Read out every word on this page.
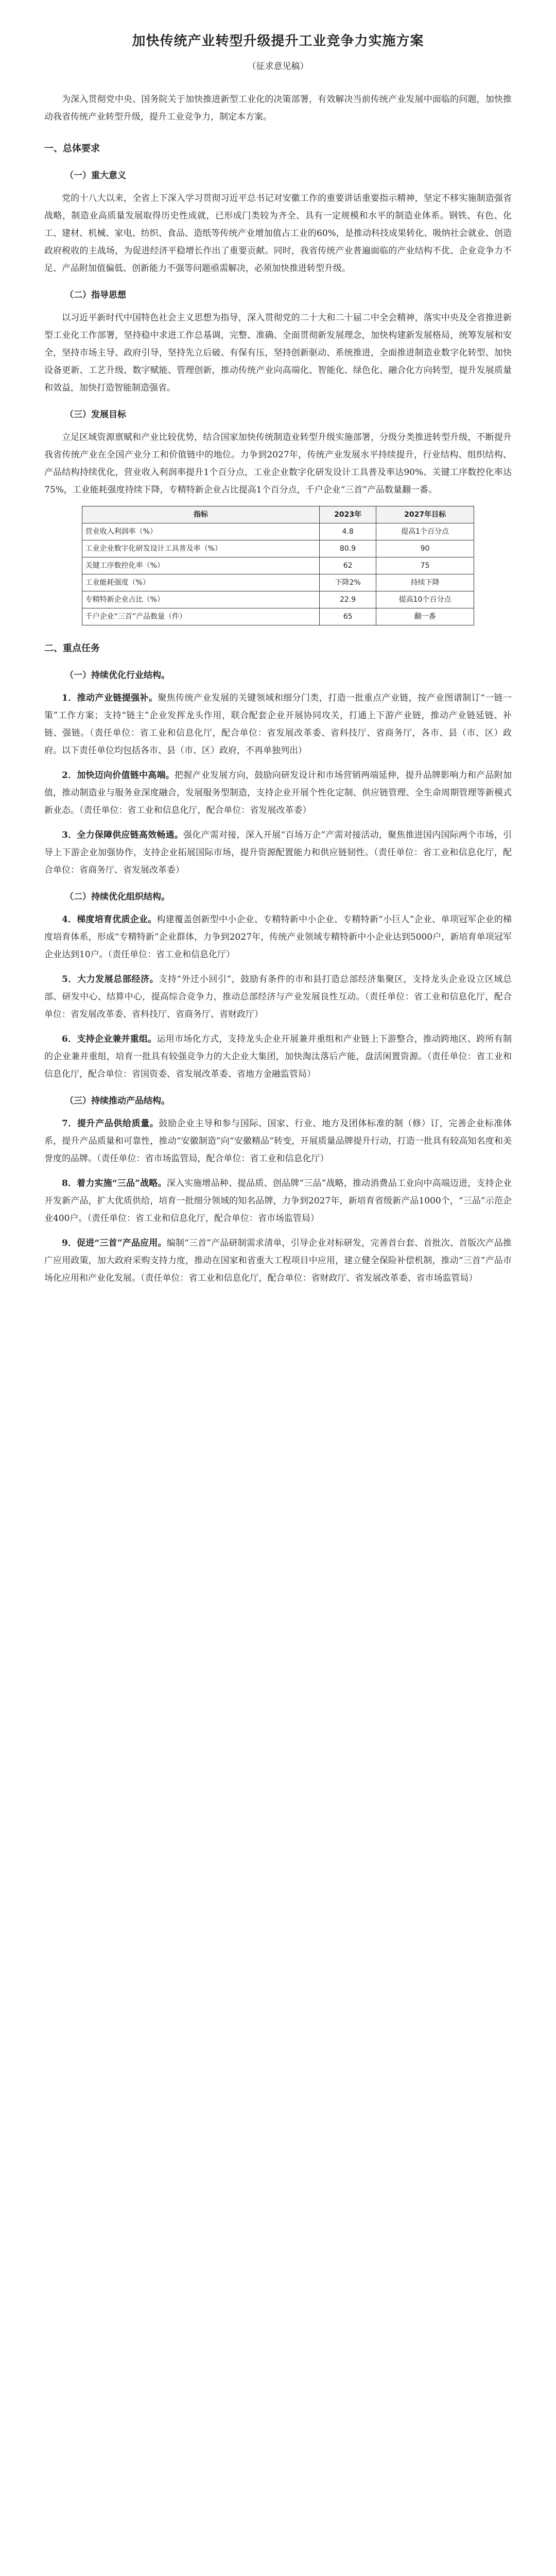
加快传统产业转型升级提升工业竞争力实施方案
（征求意见稿）

为深入贯彻党中央、国务院关于加快推进新型工业化的决策部署，有效解决当前传统产业发展中面临的问题，加快推动我省传统产业转型升级，提升工业竞争力，制定本方案。

一、总体要求
（一）重大意义

党的十八大以来，全省上下深入学习贯彻习近平总书记对安徽工作的重要讲话重要指示精神，坚定不移实施制造强省战略，制造业高质量发展取得历史性成就，已形成门类较为齐全、具有一定规模和水平的制造业体系。钢铁、有色、化工、建材、机械、家电、纺织、食品、造纸等传统产业增加值占工业的60%，是推动科技成果转化、吸纳社会就业、创造政府税收的主战场，为促进经济平稳增长作出了重要贡献。同时，我省传统产业普遍面临的产业结构不优、企业竞争力不足、产品附加值偏低、创新能力不强等问题亟需解决，必须加快推进转型升级。

（二）指导思想

以习近平新时代中国特色社会主义思想为指导，深入贯彻党的二十大和二十届二中全会精神，落实中央及全省推进新型工业化工作部署，坚持稳中求进工作总基调，完整、准确、全面贯彻新发展理念，加快构建新发展格局，统筹发展和安全，坚持市场主导、政府引导，坚持先立后破、有保有压，坚持创新驱动、系统推进，全面推进制造业数字化转型、加快设备更新、工艺升级、数字赋能、管理创新，推动传统产业向高端化、智能化、绿色化、融合化方向转型，提升发展质量和效益，加快打造智能制造强省。

（三）发展目标

立足区域资源禀赋和产业比较优势，结合国家加快传统制造业转型升级实施部署，分级分类推进转型升级，不断提升我省传统产业在全国产业分工和价值链中的地位。力争到2027年，传统产业发展水平持续提升，行业结构、组织结构、产品结构持续优化，营业收入利润率提升1个百分点，工业企业数字化研发设计工具普及率达90%、关键工序数控化率达75%，工业能耗强度持续下降，专精特新企业占比提高1个百分点，千户企业“三首”产品数量翻一番。

指标	2023年	2027年目标
营业收入利润率（%）	4.8	提高1个百分点
工业企业数字化研发设计工具普及率（%）	80.9	90
关键工序数控化率（%）	62	75
工业能耗强度（%）	下降2%	持续下降
专精特新企业占比（%）	22.9	提高10个百分点
千户企业“三首”产品数量（件）	65	翻一番
二、重点任务
（一）持续优化行业结构。

1．推动产业链提强补。聚焦传统产业发展的关键领域和细分门类，打造一批重点产业链，按产业图谱制订“一链一策”工作方案；支持“链主”企业发挥龙头作用，联合配套企业开展协同攻关，打通上下游产业链，推动产业链延链、补链、强链。（责任单位：省工业和信息化厅，配合单位：省发展改革委、省科技厅、省商务厅，各市、县（市、区）政府。以下责任单位均包括各市、县（市、区）政府，不再单独列出）

2．加快迈向价值链中高端。把握产业发展方向，鼓励向研发设计和市场营销两端延伸，提升品牌影响力和产品附加值，推动制造业与服务业深度融合，发展服务型制造，支持企业开展个性化定制、供应链管理、全生命周期管理等新模式新业态。（责任单位：省工业和信息化厅，配合单位：省发展改革委）

3．全力保障供应链高效畅通。强化产需对接，深入开展“百场万企”产需对接活动，聚焦推进国内国际两个市场，引导上下游企业加强协作，支持企业拓展国际市场，提升资源配置能力和供应链韧性。（责任单位：省工业和信息化厅，配合单位：省商务厅、省发展改革委）

（二）持续优化组织结构。

4．梯度培育优质企业。构建覆盖创新型中小企业、专精特新中小企业、专精特新“小巨人”企业、单项冠军企业的梯度培育体系，形成“专精特新”企业群体，力争到2027年，传统产业领域专精特新中小企业达到5000户，新培育单项冠军企业达到10户。（责任单位：省工业和信息化厅）

5．大力发展总部经济。支持“外迁小回引”，鼓励有条件的市和县打造总部经济集聚区，支持龙头企业设立区域总部、研发中心、结算中心，提高综合竞争力，推动总部经济与产业发展良性互动。（责任单位：省工业和信息化厅，配合单位：省发展改革委、省科技厅、省商务厅、省财政厅）

6．支持企业兼并重组。运用市场化方式，支持龙头企业开展兼并重组和产业链上下游整合，推动跨地区、跨所有制的企业兼并重组，培育一批具有较强竞争力的大企业大集团，加快淘汰落后产能，盘活闲置资源。（责任单位：省工业和信息化厅，配合单位：省国资委、省发展改革委、省地方金融监管局）

（三）持续推动产品结构。

7．提升产品供给质量。鼓励企业主导和参与国际、国家、行业、地方及团体标准的制（修）订，完善企业标准体系，提升产品质量和可靠性，推动“安徽制造”向“安徽精品”转变，开展质量品牌提升行动，打造一批具有较高知名度和美誉度的品牌。（责任单位：省市场监管局，配合单位：省工业和信息化厅）

8．着力实施“三品”战略。深入实施增品种、提品质、创品牌“三品”战略，推动消费品工业向中高端迈进，支持企业开发新产品，扩大优质供给，培育一批细分领域的知名品牌，力争到2027年，新培育省级新产品1000个，“三品”示范企业400户。（责任单位：省工业和信息化厅，配合单位：省市场监管局）

9．促进“三首”产品应用。编制“三首”产品研制需求清单，引导企业对标研发，完善首台套、首批次、首版次产品推广应用政策，加大政府采购支持力度，推动在国家和省重大工程项目中应用，建立健全保险补偿机制，推动“三首”产品市场化应用和产业化发展。（责任单位：省工业和信息化厅，配合单位：省财政厅、省发展改革委、省市场监管局）
